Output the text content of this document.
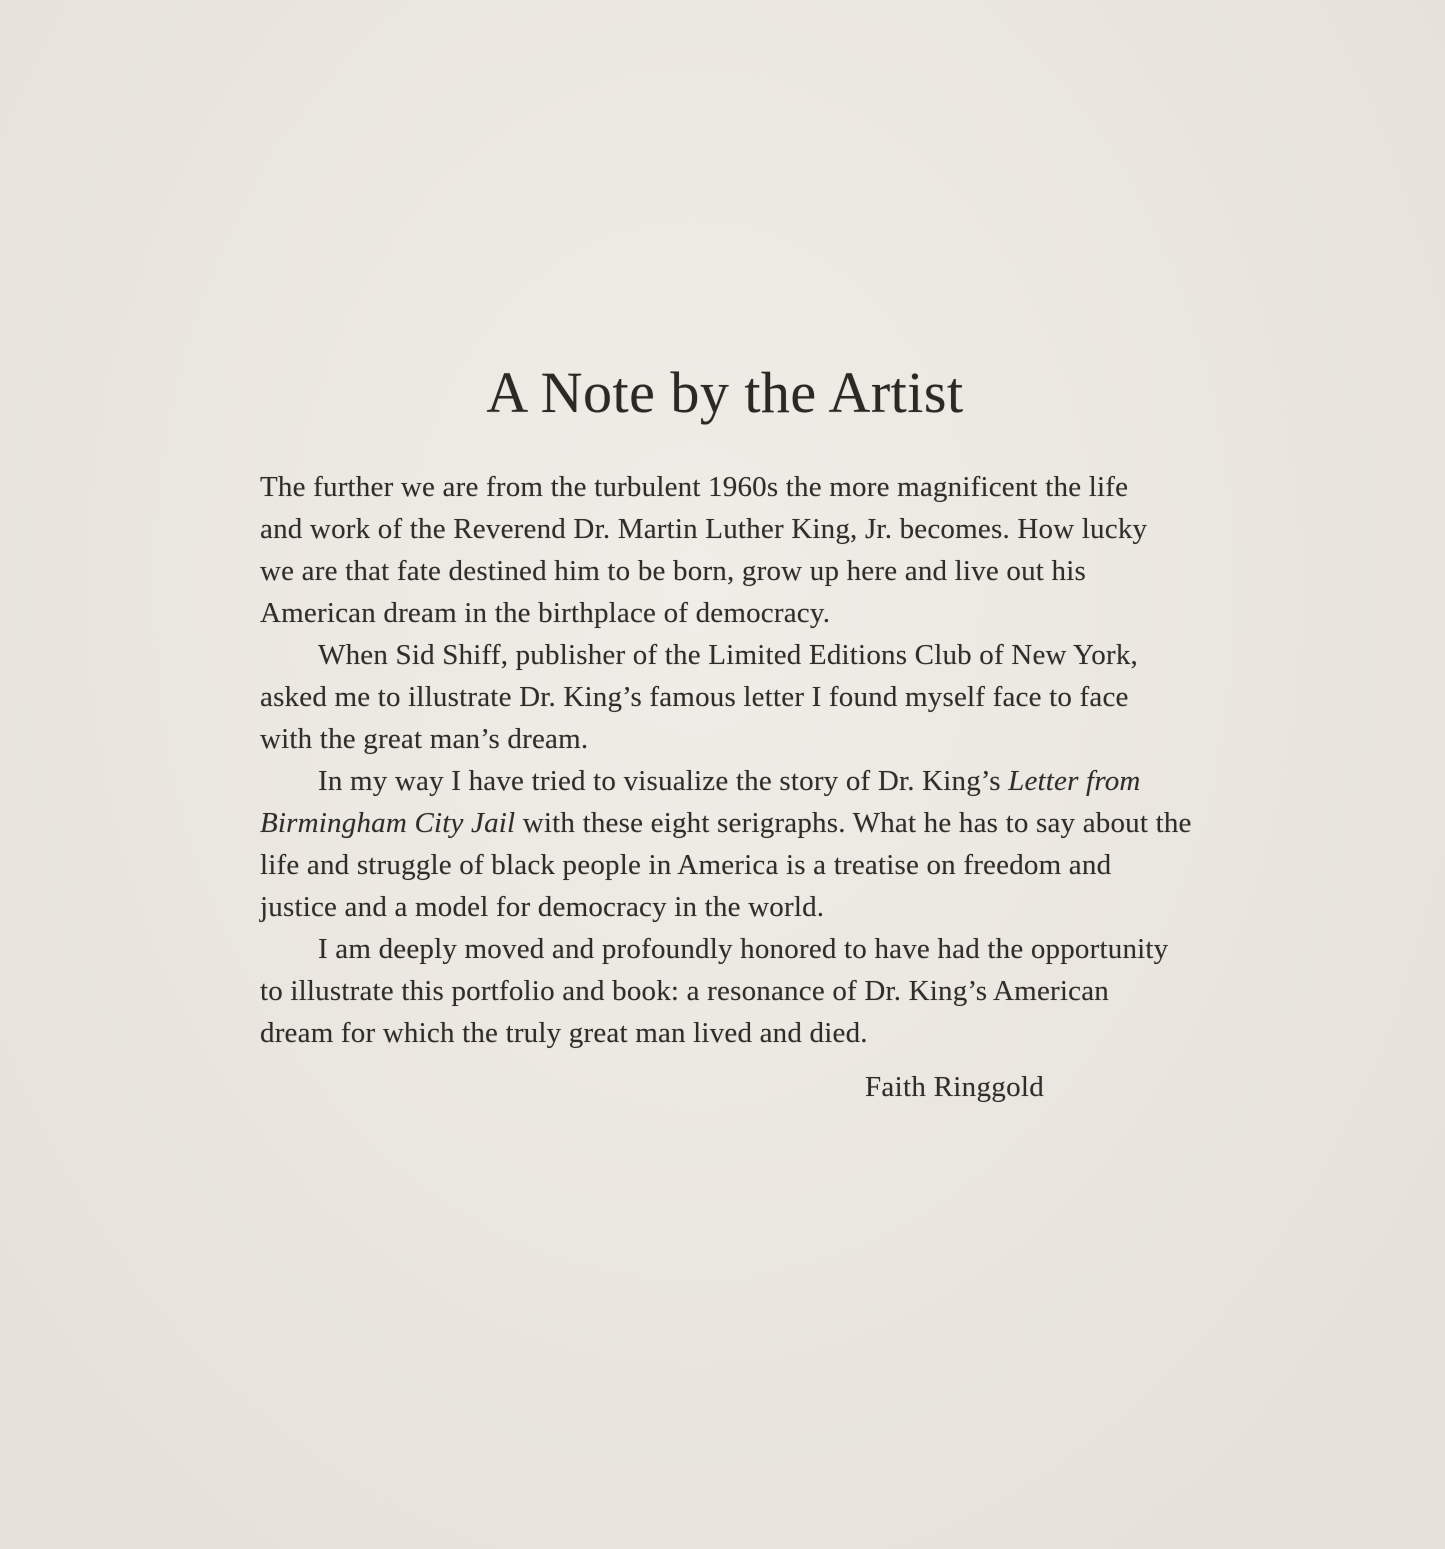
A Note by the Artist
The further we are from the turbulent 1960s the more magnificent the life
and work of the Reverend Dr. Martin Luther King, Jr. becomes. How lucky
we are that fate destined him to be born, grow up here and live out his
American dream in the birthplace of democracy.
When Sid Shiff, publisher of the Limited Editions Club of New York,
asked me to illustrate Dr. King’s famous letter I found myself face to face
with the great man’s dream.
In my way I have tried to visualize the story of Dr. King’s Letter from
Birmingham City Jail with these eight serigraphs. What he has to say about the
life and struggle of black people in America is a treatise on freedom and
justice and a model for democracy in the world.
I am deeply moved and profoundly honored to have had the opportunity
to illustrate this portfolio and book: a resonance of Dr. King’s American
dream for which the truly great man lived and died.
Faith Ringgold
